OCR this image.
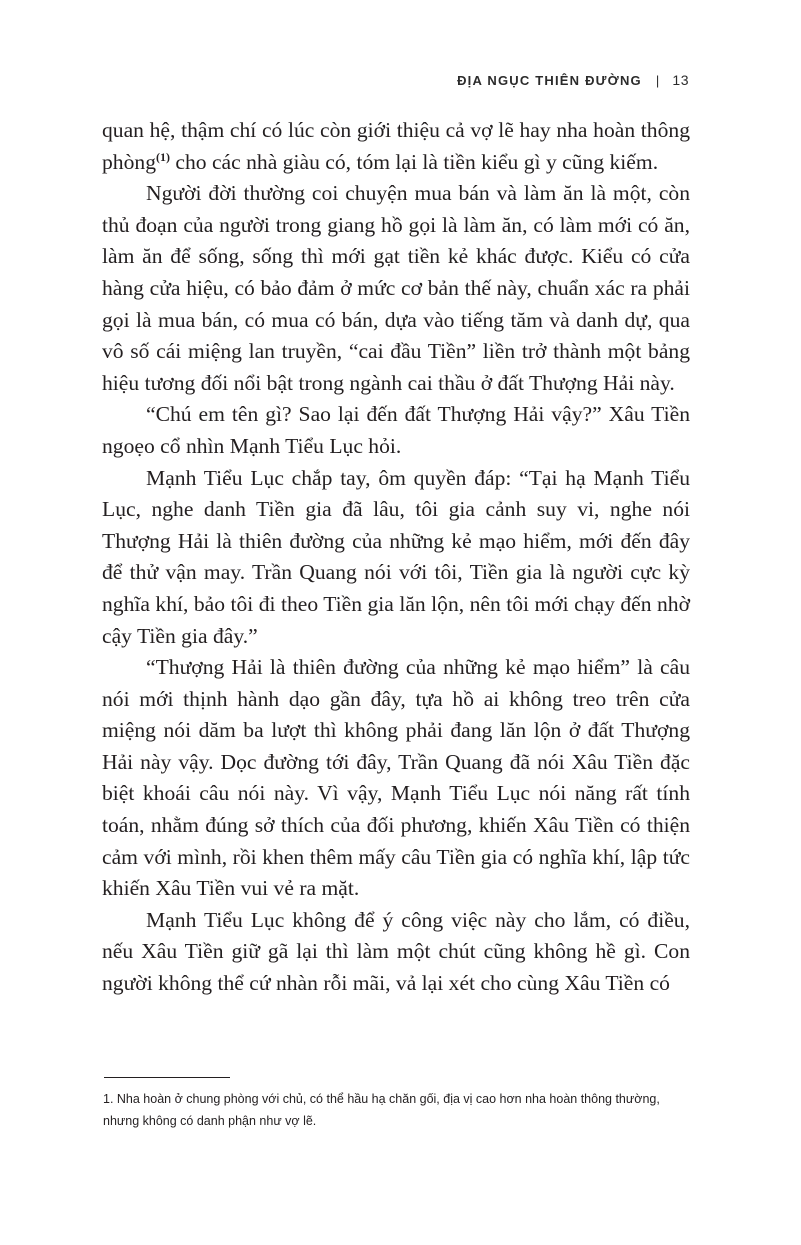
ĐỊA NGỤC THIÊN ĐƯỜNG | 13

quan hệ, thậm chí có lúc còn giới thiệu cả vợ lẽ hay nha hoàn thông phòng$^{(1)}$ cho các nhà giàu có, tóm lại là tiền kiểu gì y cũng kiếm.

Người đời thường coi chuyện mua bán và làm ăn là một, còn thủ đoạn của người trong giang hồ gọi là làm ăn, có làm mới có ăn, làm ăn để sống, sống thì mới gạt tiền kẻ khác được. Kiểu có cửa hàng cửa hiệu, có bảo đảm ở mức cơ bản thế này, chuẩn xác ra phải gọi là mua bán, có mua có bán, dựa vào tiếng tăm và danh dự, qua vô số cái miệng lan truyền, “cai đầu Tiền” liền trở thành một bảng hiệu tương đối nổi bật trong ngành cai thầu ở đất Thượng Hải này.

“Chú em tên gì? Sao lại đến đất Thượng Hải vậy?” Xâu Tiền ngoẹo cổ nhìn Mạnh Tiểu Lục hỏi.

Mạnh Tiểu Lục chắp tay, ôm quyền đáp: “Tại hạ Mạnh Tiểu Lục, nghe danh Tiền gia đã lâu, tôi gia cảnh suy vi, nghe nói Thượng Hải là thiên đường của những kẻ mạo hiểm, mới đến đây để thử vận may. Trần Quang nói với tôi, Tiền gia là người cực kỳ nghĩa khí, bảo tôi đi theo Tiền gia lăn lộn, nên tôi mới chạy đến nhờ cậy Tiền gia đây.”

“Thượng Hải là thiên đường của những kẻ mạo hiểm” là câu nói mới thịnh hành dạo gần đây, tựa hồ ai không treo trên cửa miệng nói dăm ba lượt thì không phải đang lăn lộn ở đất Thượng Hải này vậy. Dọc đường tới đây, Trần Quang đã nói Xâu Tiền đặc biệt khoái câu nói này. Vì vậy, Mạnh Tiểu Lục nói năng rất tính toán, nhằm đúng sở thích của đối phương, khiến Xâu Tiền có thiện cảm với mình, rồi khen thêm mấy câu Tiền gia có nghĩa khí, lập tức khiến Xâu Tiền vui vẻ ra mặt.

Mạnh Tiểu Lục không để ý công việc này cho lắm, có điều, nếu Xâu Tiền giữ gã lại thì làm một chút cũng không hề gì. Con người không thể cứ nhàn rỗi mãi, vả lại xét cho cùng Xâu Tiền có

1. Nha hoàn ở chung phòng với chủ, có thể hầu hạ chăn gối, địa vị cao hơn nha hoàn thông thường, nhưng không có danh phận như vợ lẽ.
